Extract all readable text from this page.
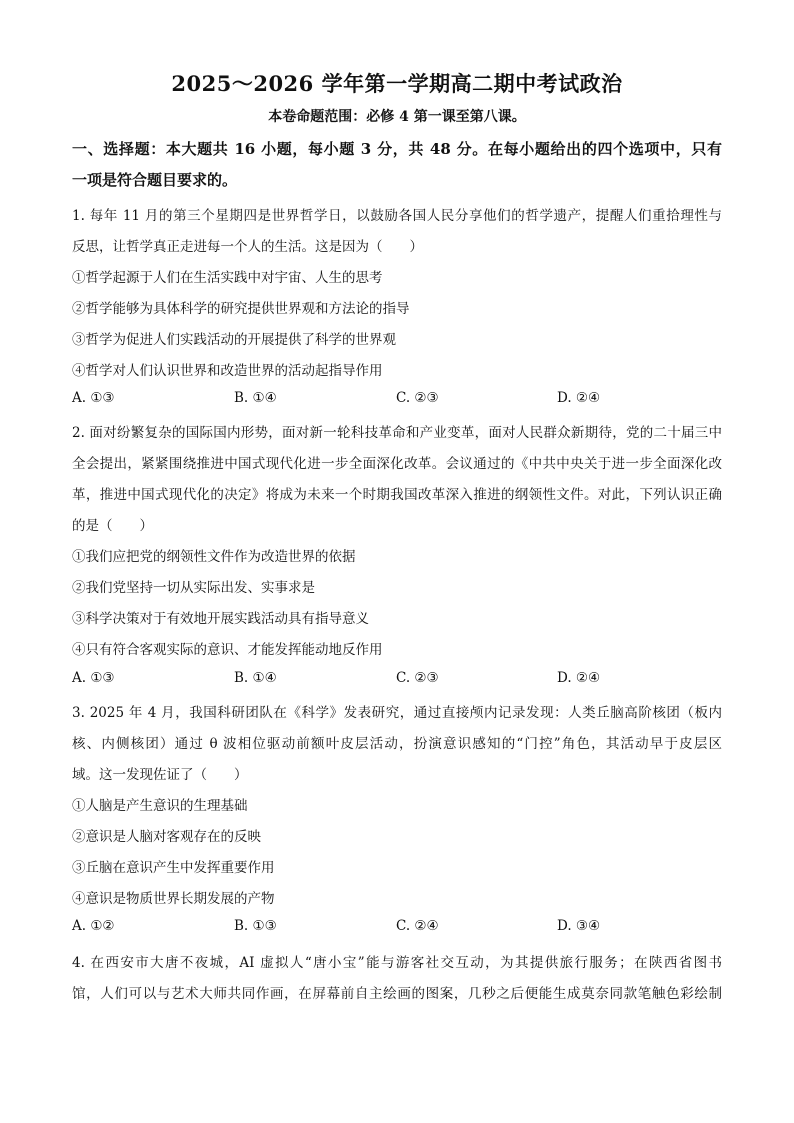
2025～2026 学年第一学期高二期中考试政治
本卷命题范围：必修 4 第一课至第八课。
一、选择题：本大题共 16 小题，每小题 3 分，共 48 分。在每小题给出的四个选项中，只有
一项是符合题目要求的。
1. 每年 11 月的第三个星期四是世界哲学日，以鼓励各国人民分享他们的哲学遗产，提醒人们重拾理性与
反思，让哲学真正走进每一个人的生活。这是因为（　　）
①哲学起源于人们在生活实践中对宇宙、人生的思考
②哲学能够为具体科学的研究提供世界观和方法论的指导
③哲学为促进人们实践活动的开展提供了科学的世界观
④哲学对人们认识世界和改造世界的活动起指导作用
A. ①③	B. ①④	C. ②③	D. ②④
2. 面对纷繁复杂的国际国内形势，面对新一轮科技革命和产业变革，面对人民群众新期待，党的二十届三中
全会提出，紧紧围绕推进中国式现代化进一步全面深化改革。会议通过的《中共中央关于进一步全面深化改
革，推进中国式现代化的决定》将成为未来一个时期我国改革深入推进的纲领性文件。对此，下列认识正确
的是（　　）
①我们应把党的纲领性文件作为改造世界的依据
②我们党坚持一切从实际出发、实事求是
③科学决策对于有效地开展实践活动具有指导意义
④只有符合客观实际的意识、才能发挥能动地反作用
A. ①③	B. ①④	C. ②③	D. ②④
3. 2025 年 4 月，我国科研团队在《科学》发表研究，通过直接颅内记录发现：人类丘脑高阶核团（板内
核、内侧核团）通过 θ 波相位驱动前额叶皮层活动，扮演意识感知的“门控”角色，其活动早于皮层区
域。这一发现佐证了（　　）
①人脑是产生意识的生理基础
②意识是人脑对客观存在的反映
③丘脑在意识产生中发挥重要作用
④意识是物质世界长期发展的产物
A. ①②	B. ①③	C. ②④	D. ③④
4. 在西安市大唐不夜城，AI 虚拟人“唐小宝”能与游客社交互动，为其提供旅行服务；在陕西省图书
馆，人们可以与艺术大师共同作画，在屏幕前自主绘画的图案，几秒之后便能生成莫奈同款笔触色彩绘制
